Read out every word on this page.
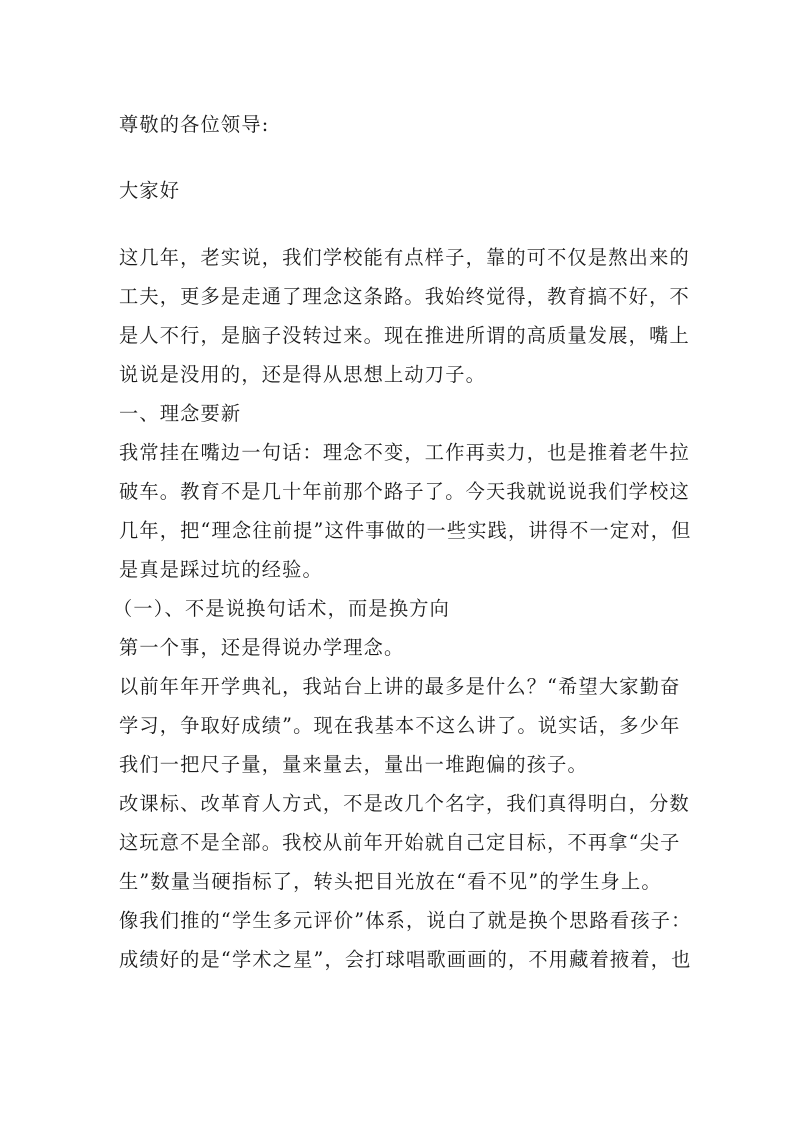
尊敬的各位领导:
大家好
这几年，老实说，我们学校能有点样子，靠的可不仅是熬出来的
工夫，更多是走通了理念这条路。我始终觉得，教育搞不好，不
是人不行，是脑子没转过来。现在推进所谓的高质量发展，嘴上
说说是没用的，还是得从思想上动刀子。
一、理念要新
我常挂在嘴边一句话：理念不变，工作再卖力，也是推着老牛拉
破车。教育不是几十年前那个路子了。今天我就说说我们学校这
几年，把“理念往前提”这件事做的一些实践，讲得不一定对，但
是真是踩过坑的经验。
（一）、不是说换句话术，而是换方向
第一个事，还是得说办学理念。
以前年年开学典礼，我站台上讲的最多是什么？“希望大家勤奋
学习，争取好成绩”。现在我基本不这么讲了。说实话，多少年
我们一把尺子量，量来量去，量出一堆跑偏的孩子。
改课标、改革育人方式，不是改几个名字，我们真得明白，分数
这玩意不是全部。我校从前年开始就自己定目标，不再拿“尖子
生”数量当硬指标了，转头把目光放在“看不见”的学生身上。
像我们推的“学生多元评价”体系，说白了就是换个思路看孩子：
成绩好的是“学术之星”，会打球唱歌画画的，不用藏着掖着，也
